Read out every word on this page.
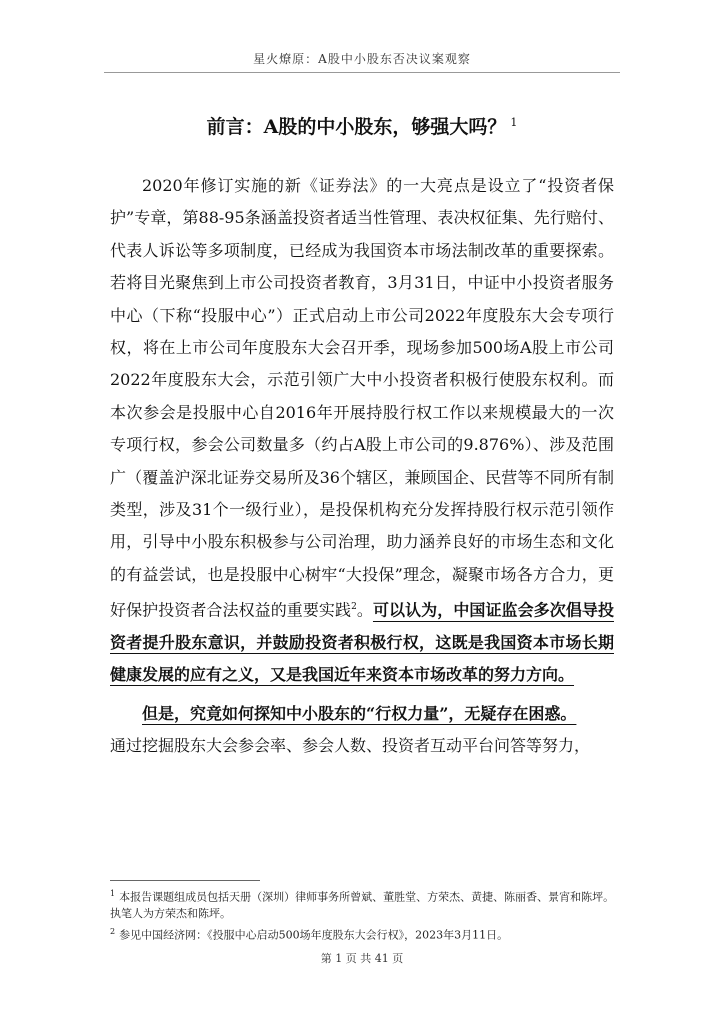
星火燎原：A股中小股东否决议案观察
前言：A股的中小股东，够强大吗？ $^1$

2020年修订实施的新《证券法》的一大亮点是设立了“投资者保护”专章，第88-95条涵盖投资者适当性管理、表决权征集、先行赔付、代表人诉讼等多项制度，已经成为我国资本市场法制改革的重要探索。若将目光聚焦到上市公司投资者教育，3月31日，中证中小投资者服务中心（下称“投服中心”）正式启动上市公司2022年度股东大会专项行权，将在上市公司年度股东大会召开季，现场参加500场A股上市公司2022年度股东大会，示范引领广大中小投资者积极行使股东权利。而本次参会是投服中心自2016年开展持股行权工作以来规模最大的一次专项行权，参会公司数量多（约占A股上市公司的9.876%）、涉及范围广（覆盖沪深北证券交易所及36个辖区，兼顾国企、民营等不同所有制类型，涉及31个一级行业），是投保机构充分发挥持股行权示范引领作用，引导中小股东积极参与公司治理，助力涵养良好的市场生态和文化的有益尝试，也是投服中心树牢“大投保”理念，凝聚市场各方合力，更好保护投资者合法权益的重要实践$^2$。可以认为，中国证监会多次倡导投资者提升股东意识，并鼓励投资者积极行权，这既是我国资本市场长期健康发展的应有之义，又是我国近年来资本市场改革的努力方向。

但是，究竟如何探知中小股东的“行权力量”，无疑存在困惑。

通过挖掘股东大会参会率、参会人数、投资者互动平台问答等努力，

$^1$ 本报告课题组成员包括天册（深圳）律师事务所曾斌、董胜堂、方荣杰、黄捷、陈丽香、景宵和陈坪。执笔人为方荣杰和陈坪。

$^2$ 参见中国经济网：《投服中心启动500场年度股东大会行权》，2023年3月11日。

第 1 页 共 41 页
